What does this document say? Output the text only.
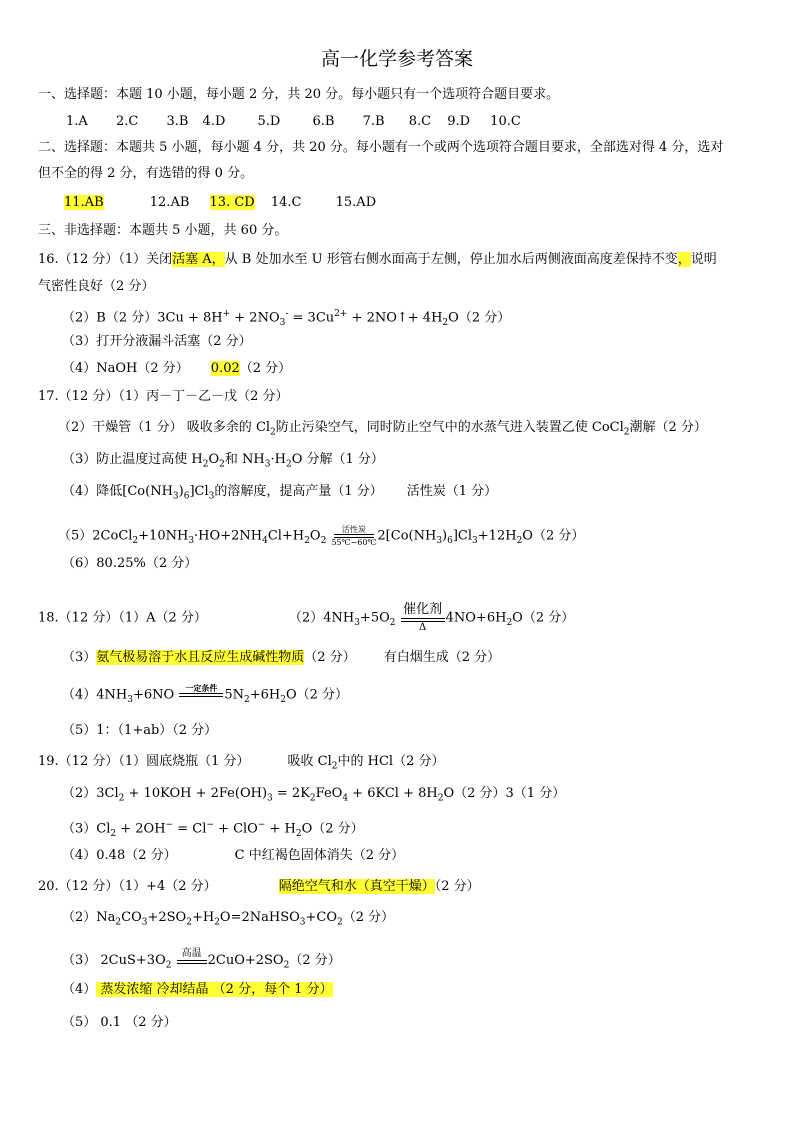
高一化学参考答案
一、选择题：本题 10 小题，每小题 2 分，共 20 分。每小题只有一个选项符合题目要求。
1.A 2.C 3.B 4.D 5.D 6.B 7.B 8.C 9.D 10.C
二、选择题：本题共 5 小题，每小题 4 分，共 20 分。每小题有一个或两个选项符合题目要求，全部选对得 4 分，选对
但不全的得 2 分，有选错的得 0 分。
11.AB	12.AB 13. CD 14.C	15.AD
三、非选择题：本题共 5 小题，共 60 分。
16.（12 分）（1）关闭活塞 A，从 B 处加水至 U 形管右侧水面高于左侧，停止加水后两侧液面高度差保持不变，说明
气密性良好（2 分）
（2）B（2 分）$3Cu + 8H^+ + 2NO_3^- = 3Cu^{2+}$ + 2NO↑+ $4H_2O(2$ 分）
（3）打开分液漏斗活塞（2 分）
（4）NaOH（2 分） 0.02（2 分）
17.（12 分）（1）丙－丁－乙－戊（2 分）
（2）干燥管（1 分） 吸收多余的 $Cl_2$防止污染空气，同时防止空气中的水蒸气进入装置乙使 CoCl$_2$潮解（2 分）
（3）防止温度过高使 $H_2O_2$和 $NH_3\cdot H_2O$ 分解（1 分）
（4）降低$[Co(NH_3)_6]Cl_3$的溶解度，提高产量（1 分） 活性炭（1 分）
$(5)2CoCl_2+10NH_3\cdot HO+2NH_4Cl+H_2O_2$
活性炭
55℃~60℃ $2[Co(NH_3)_6]Cl_3+12H_2O(2$ 分）
（6）80.25%（2 分）
18.（12 分）（1）A（2 分）	$(2)4NH_3+5O_2$
催化剂
Δ
$4NO+6H_2O(2$ 分）
（3）氨气极易溶于水且反应生成碱性物质（2 分） 有白烟生成（2 分）
$(4)4NH_3+6NO$ 一定条件
$5N_2+6H_2O(2$ 分）
（5）1：（1+ab）（2 分）
19.（12 分）（1）圆底烧瓶（1 分）	吸收 $Cl_2$中的 HCl（2 分）
$(2)3Cl_2 + 10KOH + 2Fe(OH)_3 = 2K_2FeO_4 + 6KCl + 8H_2O(2$ 分）3（1 分）
$(3)Cl_2 + 2OH^- = Cl^- + ClO^- + H_2O(2$ 分）
（4）0.48（2 分）	C 中红褐色固体消失（2 分）
20.（12 分）（1）+4（2 分）	隔绝空气和水（真空干燥）（2 分）
$(2)Na_2CO_3+2SO_2+H_2O=2NaHSO_3+CO_2(2$ 分）
（3） $2CuS+3O_2$
高温
$2CuO+2SO_2(2$ 分）
（4） 蒸发浓缩 冷却结晶 （2 分，每个 1 分）
（5） 0.1 （2 分）
